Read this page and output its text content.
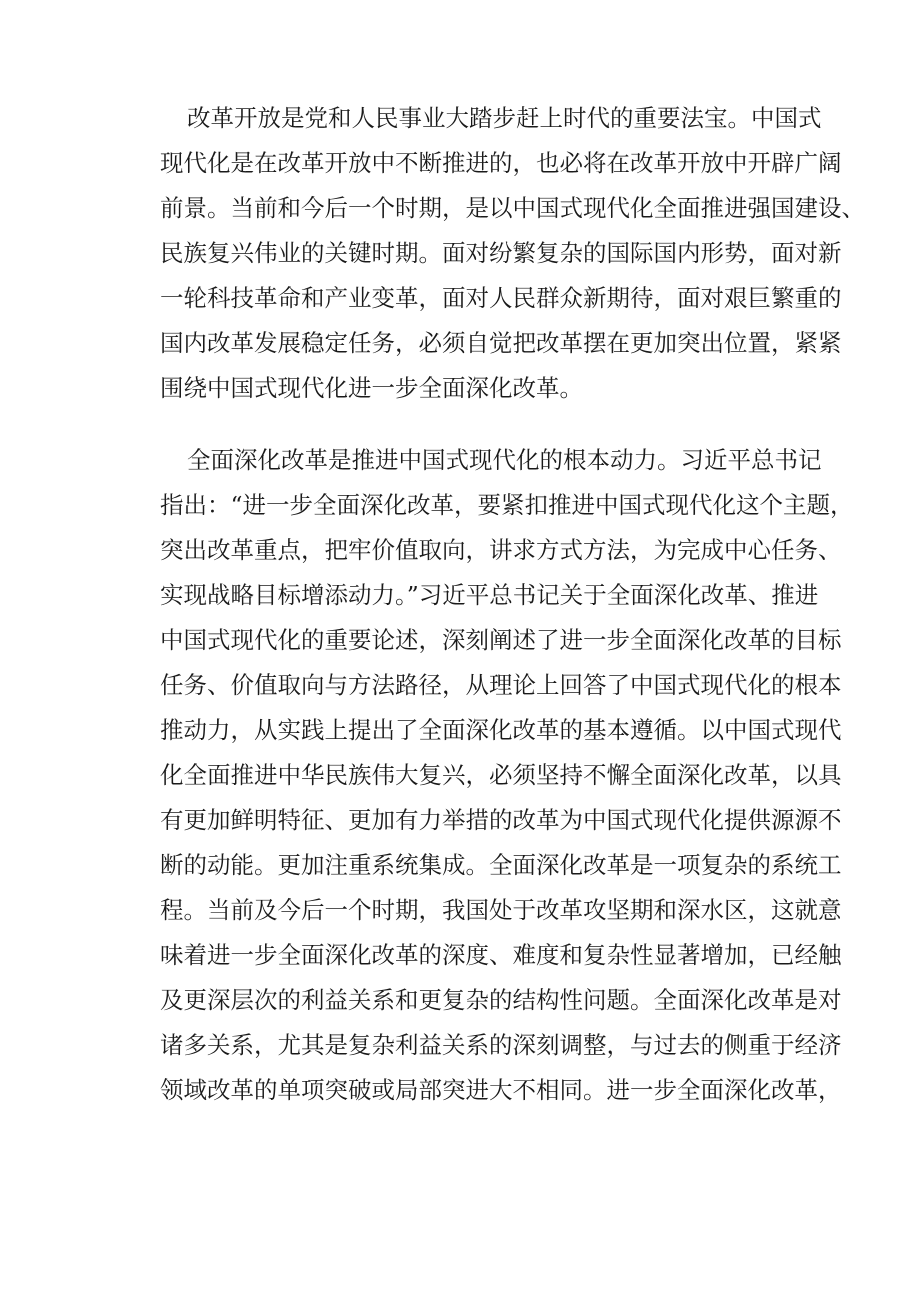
改革开放是党和人民事业大踏步赶上时代的重要法宝。中国式
现代化是在改革开放中不断推进的，也必将在改革开放中开辟广阔
前景。当前和今后一个时期，是以中国式现代化全面推进强国建设、
民族复兴伟业的关键时期。面对纷繁复杂的国际国内形势，面对新
一轮科技革命和产业变革，面对人民群众新期待，面对艰巨繁重的
国内改革发展稳定任务，必须自觉把改革摆在更加突出位置，紧紧
围绕中国式现代化进一步全面深化改革。
全面深化改革是推进中国式现代化的根本动力。习近平总书记
指出：“进一步全面深化改革，要紧扣推进中国式现代化这个主题，
突出改革重点，把牢价值取向，讲求方式方法，为完成中心任务、
实现战略目标增添动力。”习近平总书记关于全面深化改革、推进
中国式现代化的重要论述，深刻阐述了进一步全面深化改革的目标
任务、价值取向与方法路径，从理论上回答了中国式现代化的根本
推动力，从实践上提出了全面深化改革的基本遵循。以中国式现代
化全面推进中华民族伟大复兴，必须坚持不懈全面深化改革，以具
有更加鲜明特征、更加有力举措的改革为中国式现代化提供源源不
断的动能。更加注重系统集成。全面深化改革是一项复杂的系统工
程。当前及今后一个时期，我国处于改革攻坚期和深水区，这就意
味着进一步全面深化改革的深度、难度和复杂性显著增加，已经触
及更深层次的利益关系和更复杂的结构性问题。全面深化改革是对
诸多关系，尤其是复杂利益关系的深刻调整，与过去的侧重于经济
领域改革的单项突破或局部突进大不相同。进一步全面深化改革，
